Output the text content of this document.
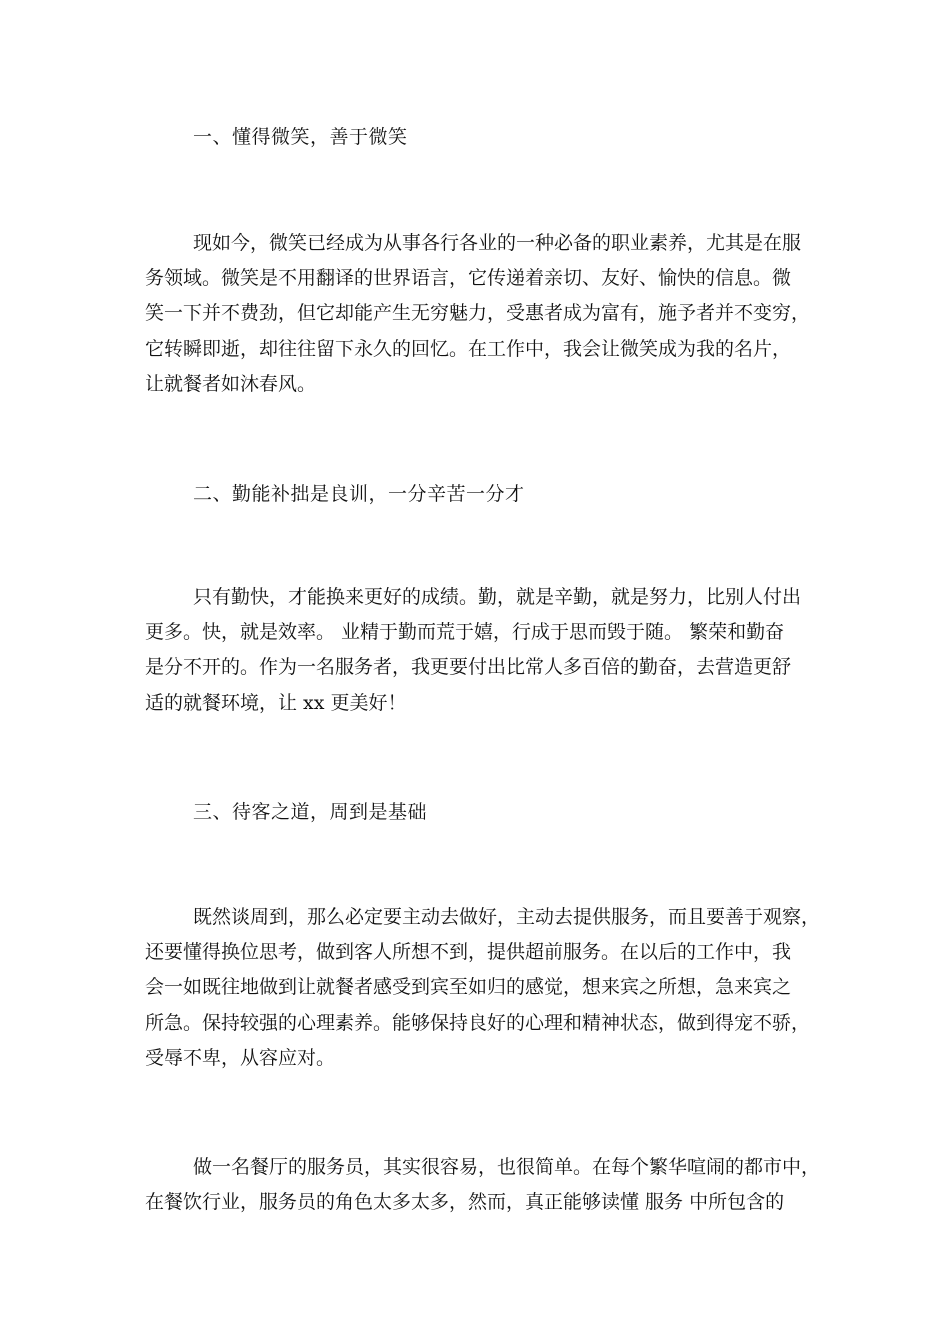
一、懂得微笑，善于微笑
现如今，微笑已经成为从事各行各业的一种必备的职业素养，尤其是在服
务领域。微笑是不用翻译的世界语言，它传递着亲切、友好、愉快的信息。微
笑一下并不费劲，但它却能产生无穷魅力，受惠者成为富有，施予者并不变穷，
它转瞬即逝，却往往留下永久的回忆。在工作中，我会让微笑成为我的名片，
让就餐者如沐春风。
二、勤能补拙是良训，一分辛苦一分才
只有勤快，才能换来更好的成绩。勤，就是辛勤，就是努力，比别人付出
更多。快，就是效率。 业精于勤而荒于嬉，行成于思而毁于随。 繁荣和勤奋
是分不开的。作为一名服务者，我更要付出比常人多百倍的勤奋，去营造更舒
适的就餐环境，让 xx 更美好！
三、待客之道，周到是基础
既然谈周到，那么必定要主动去做好，主动去提供服务，而且要善于观察，
还要懂得换位思考，做到客人所想不到，提供超前服务。在以后的工作中，我
会一如既往地做到让就餐者感受到宾至如归的感觉，想来宾之所想，急来宾之
所急。保持较强的心理素养。能够保持良好的心理和精神状态，做到得宠不骄，
受辱不卑，从容应对。
做一名餐厅的服务员，其实很容易，也很简单。在每个繁华喧闹的都市中，
在餐饮行业，服务员的角色太多太多，然而，真正能够读懂 服务 中所包含的
